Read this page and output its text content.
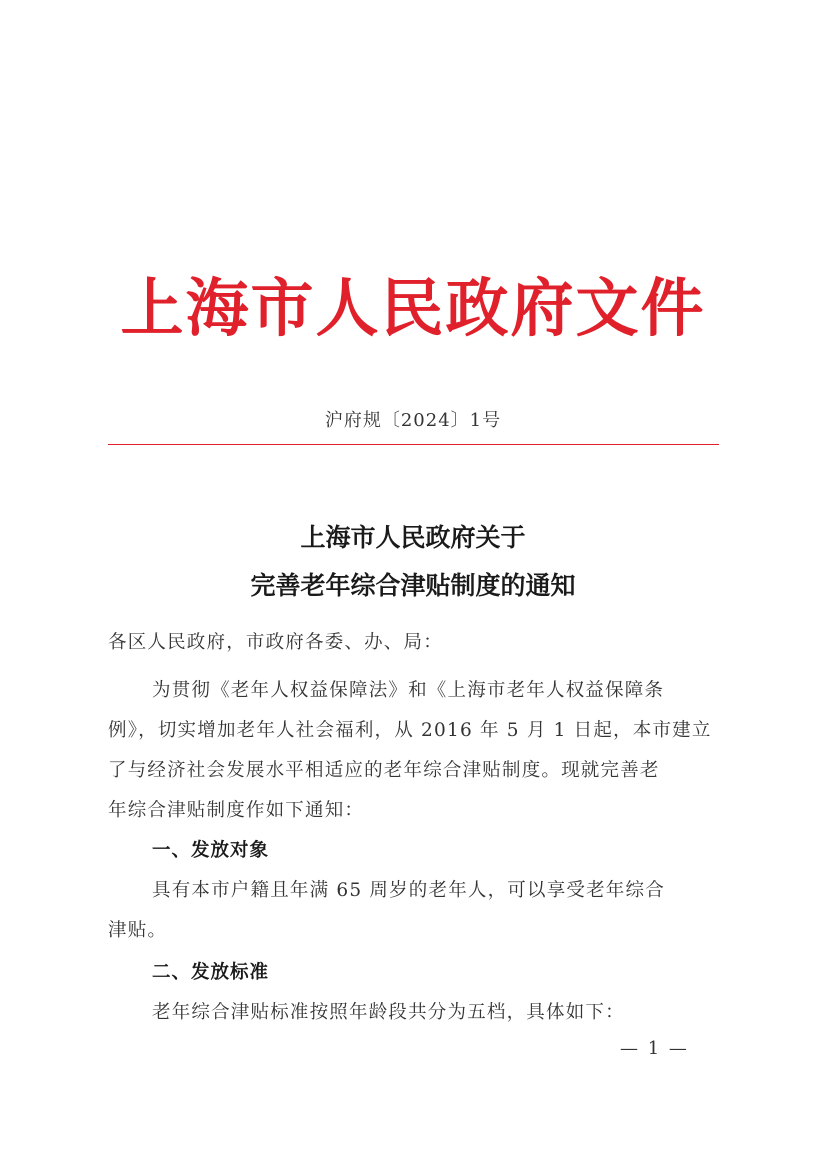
上海市人民政府文件
沪府规〔2024〕1号
上海市人民政府关于
完善老年综合津贴制度的通知
各区人民政府，市政府各委、办、局：
为贯彻《老年人权益保障法》和《上海市老年人权益保障条
例》，切实增加老年人社会福利，从 2016 年 5 月 1 日起，本市建立
了与经济社会发展水平相适应的老年综合津贴制度。现就完善老
年综合津贴制度作如下通知：
一、发放对象
具有本市户籍且年满 65 周岁的老年人，可以享受老年综合
津贴。
二、发放标准
老年综合津贴标准按照年龄段共分为五档，具体如下：
— 1 —
